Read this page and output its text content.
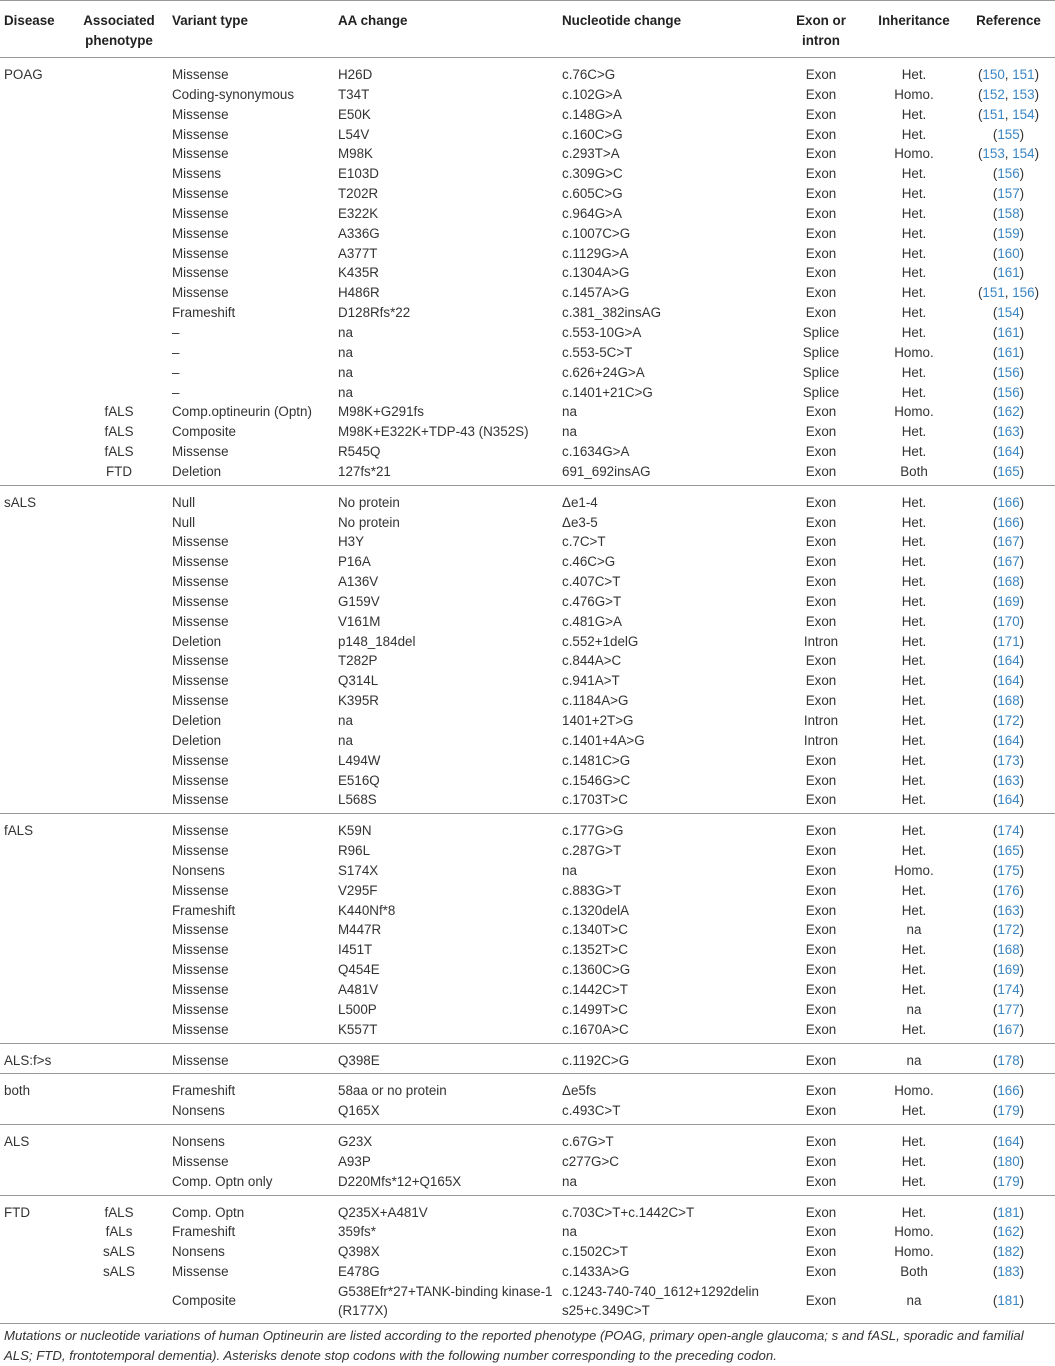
Disease	Associated phenotype	Variant type	AA change	Nucleotide change	Exon or intron	Inheritance	Reference
POAG		Missense	H26D	c.76C>G	Exon	Het.	(150, 151)
		Coding-synonymous	T34T	c.102G>A	Exon	Homo.	(152, 153)
		Missense	E50K	c.148G>A	Exon	Het.	(151, 154)
		Missense	L54V	c.160C>G	Exon	Het.	(155)
		Missense	M98K	c.293T>A	Exon	Homo.	(153, 154)
		Missens	E103D	c.309G>C	Exon	Het.	(156)
		Missense	T202R	c.605C>G	Exon	Het.	(157)
		Missense	E322K	c.964G>A	Exon	Het.	(158)
		Missense	A336G	c.1007C>G	Exon	Het.	(159)
		Missense	A377T	c.1129G>A	Exon	Het.	(160)
		Missense	K435R	c.1304A>G	Exon	Het.	(161)
		Missense	H486R	c.1457A>G	Exon	Het.	(151, 156)
		Frameshift	D128Rfs*22	c.381_382insAG	Exon	Het.	(154)
		–	na	c.553-10G>A	Splice	Het.	(161)
		–	na	c.553-5C>T	Splice	Homo.	(161)
		–	na	c.626+24G>A	Splice	Het.	(156)
		–	na	c.1401+21C>G	Splice	Het.	(156)
	fALS	Comp.optineurin (Optn)	M98K+G291fs	na	Exon	Homo.	(162)
	fALS	Composite	M98K+E322K+TDP-43 (N352S)	na	Exon	Het.	(163)
	fALS	Missense	R545Q	c.1634G>A	Exon	Het.	(164)
	FTD	Deletion	127fs*21	691_692insAG	Exon	Both	(165)
sALS		Null	No protein	Δe1-4	Exon	Het.	(166)
		Null	No protein	Δe3-5	Exon	Het.	(166)
		Missense	H3Y	c.7C>T	Exon	Het.	(167)
		Missense	P16A	c.46C>G	Exon	Het.	(167)
		Missense	A136V	c.407C>T	Exon	Het.	(168)
		Missense	G159V	c.476G>T	Exon	Het.	(169)
		Missense	V161M	c.481G>A	Exon	Het.	(170)
		Deletion	p148_184del	c.552+1delG	Intron	Het.	(171)
		Missense	T282P	c.844A>C	Exon	Het.	(164)
		Missense	Q314L	c.941A>T	Exon	Het.	(164)
		Missense	K395R	c.1184A>G	Exon	Het.	(168)
		Deletion	na	1401+2T>G	Intron	Het.	(172)
		Deletion	na	c.1401+4A>G	Intron	Het.	(164)
		Missense	L494W	c.1481C>G	Exon	Het.	(173)
		Missense	E516Q	c.1546G>C	Exon	Het.	(163)
		Missense	L568S	c.1703T>C	Exon	Het.	(164)
fALS		Missense	K59N	c.177G>G	Exon	Het.	(174)
		Missense	R96L	c.287G>T	Exon	Het.	(165)
		Nonsens	S174X	na	Exon	Homo.	(175)
		Missense	V295F	c.883G>T	Exon	Het.	(176)
		Frameshift	K440Nf*8	c.1320delA	Exon	Het.	(163)
		Missense	M447R	c.1340T>C	Exon	na	(172)
		Missense	I451T	c.1352T>C	Exon	Het.	(168)
		Missense	Q454E	c.1360C>G	Exon	Het.	(169)
		Missense	A481V	c.1442C>T	Exon	Het.	(174)
		Missense	L500P	c.1499T>C	Exon	na	(177)
		Missense	K557T	c.1670A>C	Exon	Het.	(167)
ALS:f>s		Missense	Q398E	c.1192C>G	Exon	na	(178)
both		Frameshift	58aa or no protein	Δe5fs	Exon	Homo.	(166)
		Nonsens	Q165X	c.493C>T	Exon	Het.	(179)
ALS		Nonsens	G23X	c.67G>T	Exon	Het.	(164)
		Missense	A93P	c277G>C	Exon	Het.	(180)
		Comp. Optn only	D220Mfs*12+Q165X	na	Exon	Het.	(179)
FTD	fALS	Comp. Optn	Q235X+A481V	c.703C>T+c.1442C>T	Exon	Het.	(181)
	fALs	Frameshift	359fs*	na	Exon	Homo.	(162)
	sALS	Nonsens	Q398X	c.1502C>T	Exon	Homo.	(182)
	sALS	Missense	E478G	c.1433A>G	Exon	Both	(183)
		Composite	G538Efr*27+TANK-binding kinase-1 (R177X)	c.1243-740-740_1612+1292delin s25+c.349C>T	Exon	na	(181)
Mutations or nucleotide variations of human Optineurin are listed according to the reported phenotype (POAG, primary open-angle glaucoma; s and fASL, sporadic and familial ALS; FTD, frontotemporal dementia). Asterisks denote stop codons with the following number corresponding to the preceding codon.
